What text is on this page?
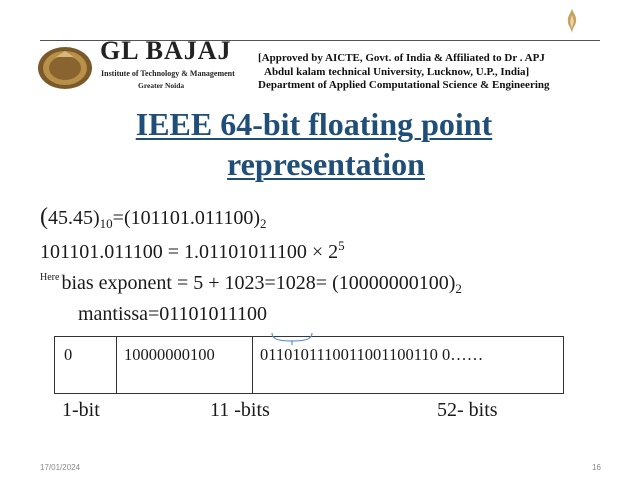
GL BAJAJ
Institute of Technology & Management
Greater Noida
[Approved by AICTE, Govt. of India & Affiliated to Dr . APJ
Abdul kalam technical University, Lucknow, U.P., India]
Department of Applied Computational Science & Engineering
IEEE 64-bit floating point
representation
$(45.45)_{10}=(101101.011100)_2$
$101101.011100 = 1.01101011100 \times 2^5$
$^{Here}$ bias exponent = $5 + 1023=1028= (10000000100)_2$
mantissa=01101011100
0	10000000100	0110101110011001100110 0……
1-bit	11 -bits	52- bits
17/01/2024	16
